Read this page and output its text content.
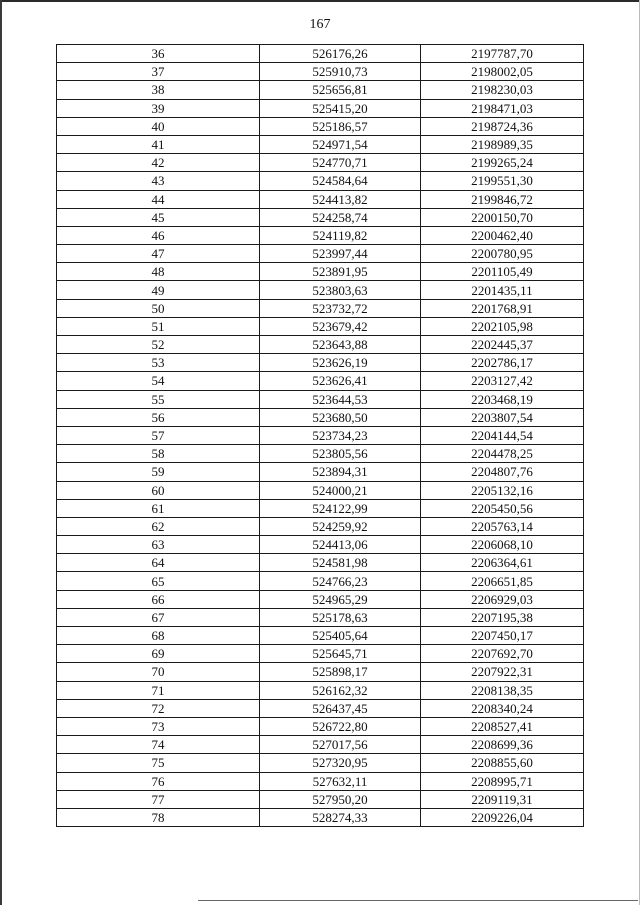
167
36	526176,26	2197787,70
37	525910,73	2198002,05
38	525656,81	2198230,03
39	525415,20	2198471,03
40	525186,57	2198724,36
41	524971,54	2198989,35
42	524770,71	2199265,24
43	524584,64	2199551,30
44	524413,82	2199846,72
45	524258,74	2200150,70
46	524119,82	2200462,40
47	523997,44	2200780,95
48	523891,95	2201105,49
49	523803,63	2201435,11
50	523732,72	2201768,91
51	523679,42	2202105,98
52	523643,88	2202445,37
53	523626,19	2202786,17
54	523626,41	2203127,42
55	523644,53	2203468,19
56	523680,50	2203807,54
57	523734,23	2204144,54
58	523805,56	2204478,25
59	523894,31	2204807,76
60	524000,21	2205132,16
61	524122,99	2205450,56
62	524259,92	2205763,14
63	524413,06	2206068,10
64	524581,98	2206364,61
65	524766,23	2206651,85
66	524965,29	2206929,03
67	525178,63	2207195,38
68	525405,64	2207450,17
69	525645,71	2207692,70
70	525898,17	2207922,31
71	526162,32	2208138,35
72	526437,45	2208340,24
73	526722,80	2208527,41
74	527017,56	2208699,36
75	527320,95	2208855,60
76	527632,11	2208995,71
77	527950,20	2209119,31
78	528274,33	2209226,04
